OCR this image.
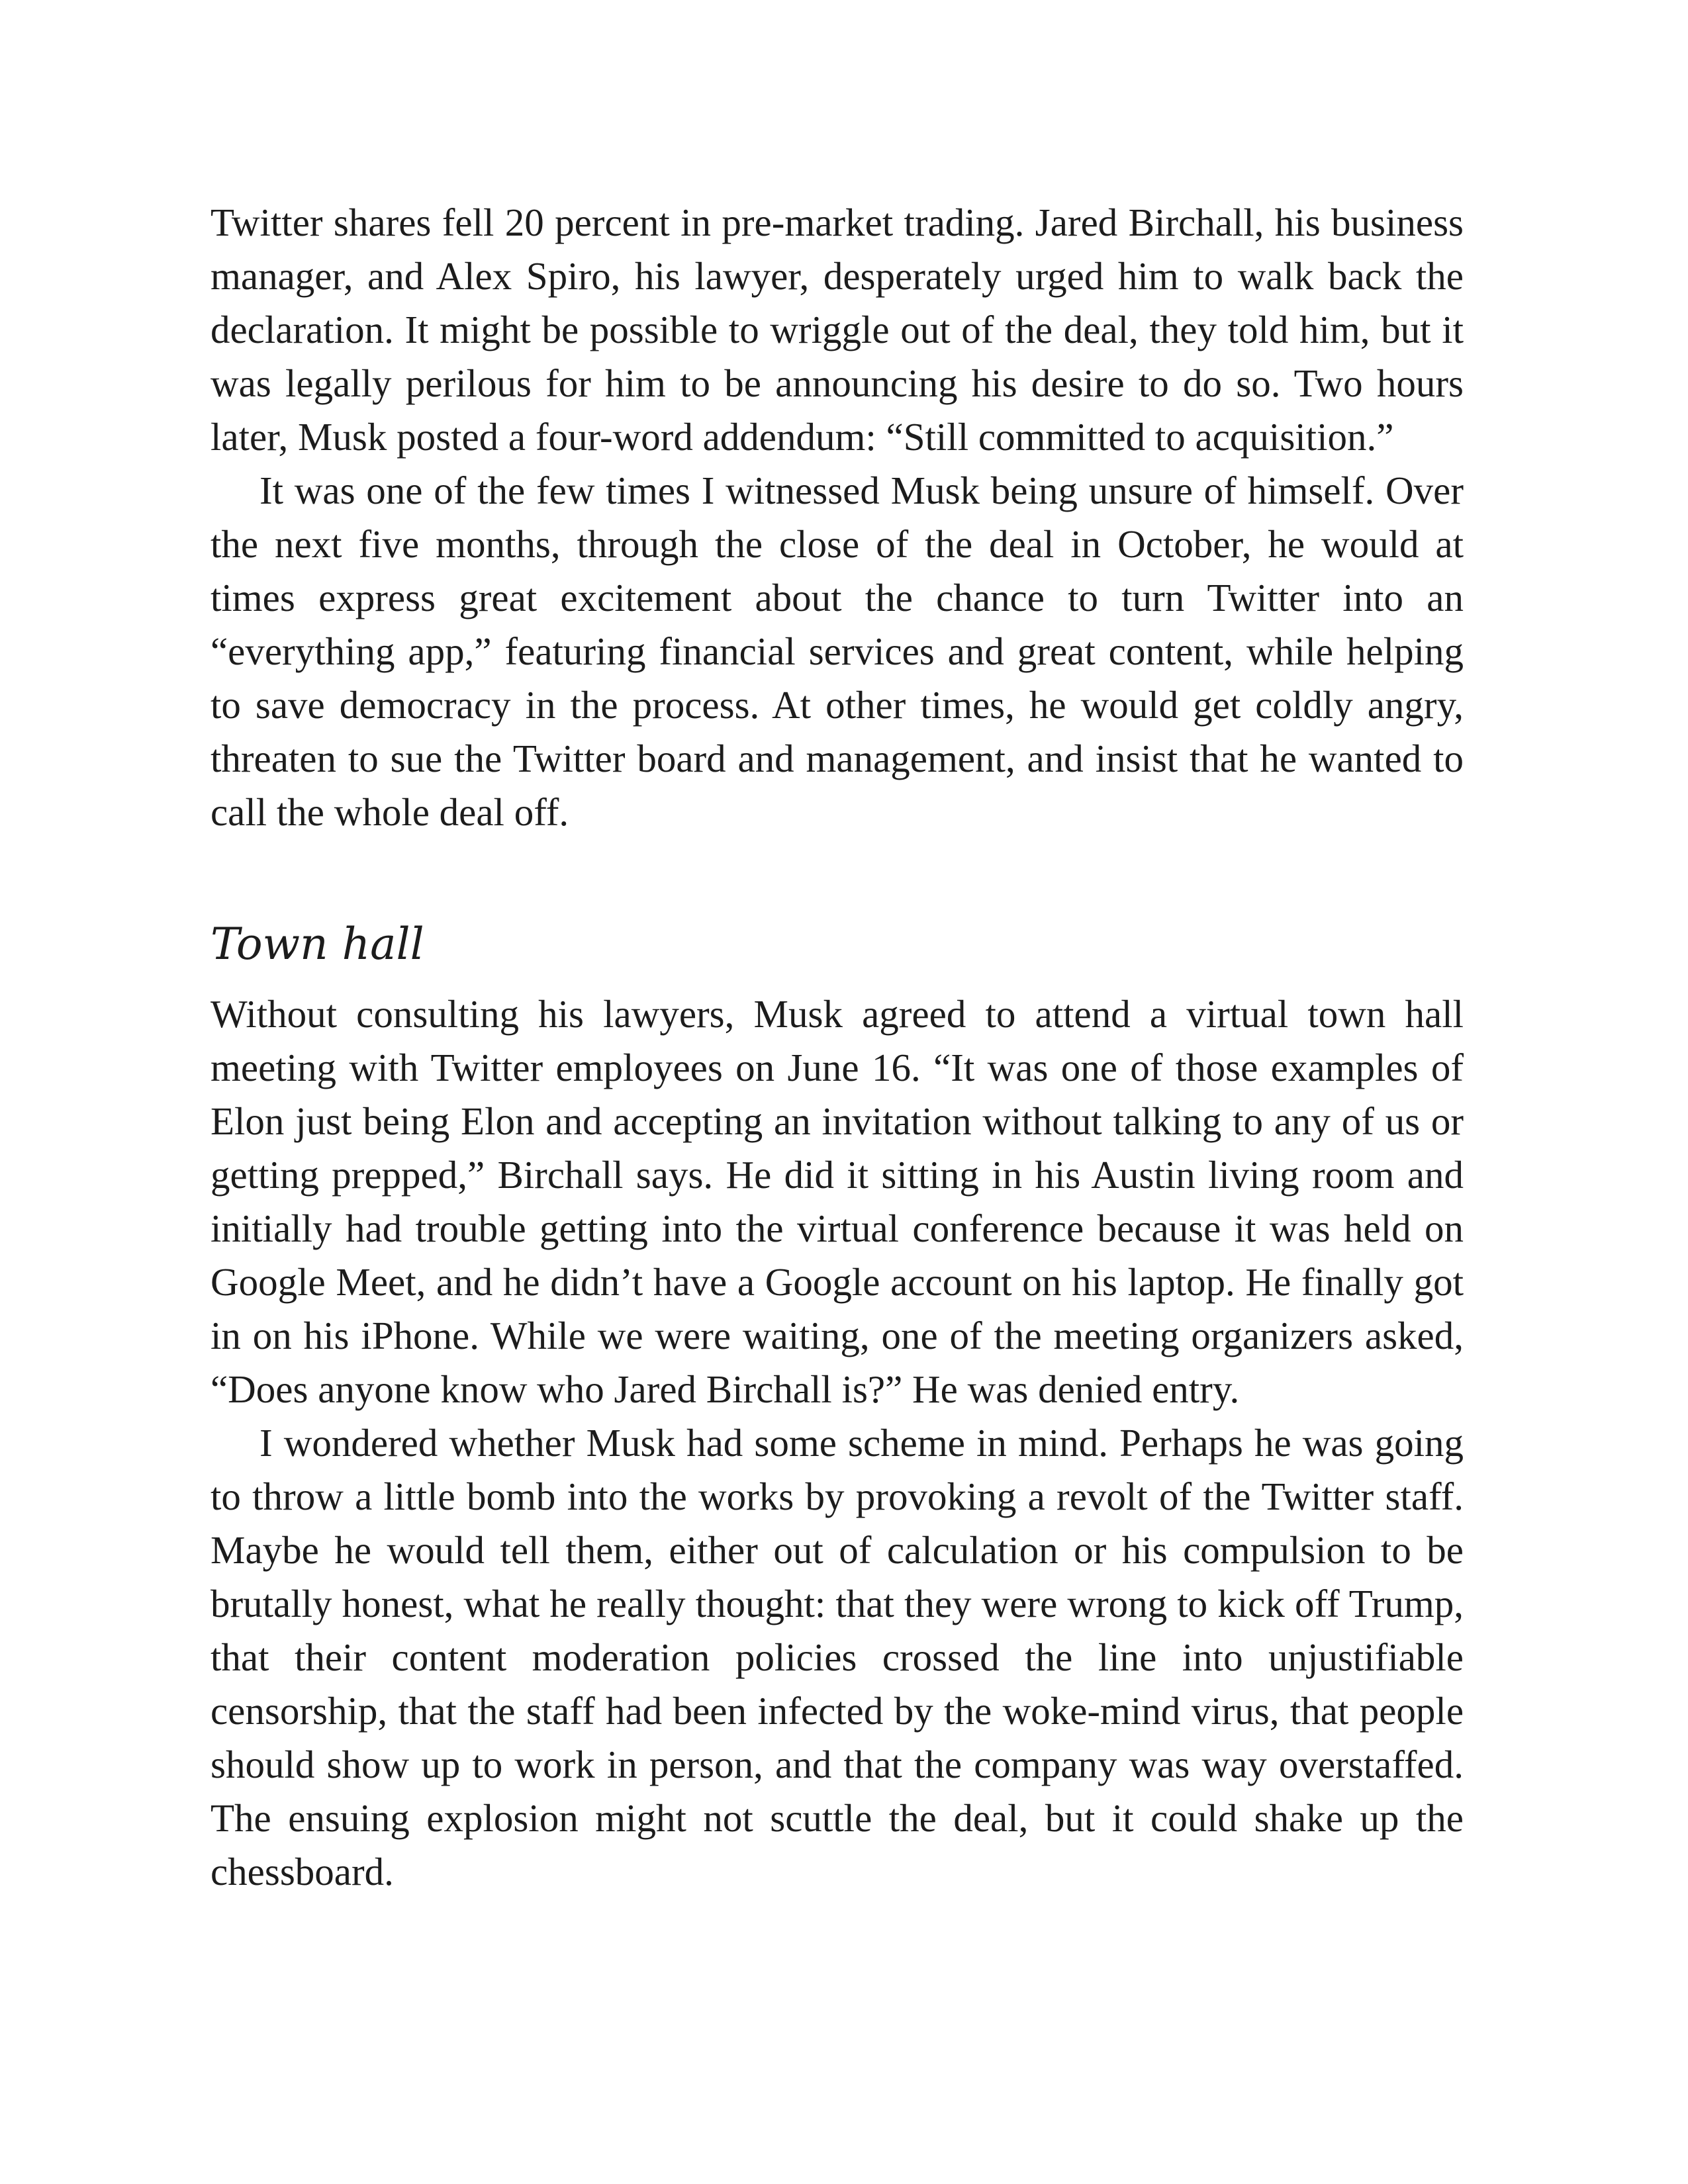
Twitter shares fell 20 percent in pre-market trading. Jared Birchall, his business manager, and Alex Spiro, his lawyer, desperately urged him to walk back the declaration. It might be possible to wriggle out of the deal, they told him, but it was legally perilous for him to be announcing his desire to do so. Two hours later, Musk posted a four-word addendum: “Still committed to acquisition.”

It was one of the few times I witnessed Musk being unsure of himself. Over the next five months, through the close of the deal in October, he would at times express great excitement about the chance to turn Twitter into an “everything app,” featuring financial services and great content, while helping to save democracy in the process. At other times, he would get coldly angry, threaten to sue the Twitter board and management, and insist that he wanted to call the whole deal off.

Town hall

Without consulting his lawyers, Musk agreed to attend a virtual town hall meeting with Twitter employees on June 16. “It was one of those examples of Elon just being Elon and accepting an invitation without talking to any of us or getting prepped,” Birchall says. He did it sitting in his Austin living room and initially had trouble getting into the virtual conference because it was held on Google Meet, and he didn’t have a Google account on his laptop. He finally got in on his iPhone. While we were waiting, one of the meeting organizers asked, “Does anyone know who Jared Birchall is?” He was denied entry.

I wondered whether Musk had some scheme in mind. Perhaps he was going to throw a little bomb into the works by provoking a revolt of the Twitter staff. Maybe he would tell them, either out of calculation or his compulsion to be brutally honest, what he really thought: that they were wrong to kick off Trump, that their content moderation policies crossed the line into unjustifiable censorship, that the staff had been infected by the woke-mind virus, that people should show up to work in person, and that the company was way overstaffed. The ensuing explosion might not scuttle the deal, but it could shake up the chessboard.
